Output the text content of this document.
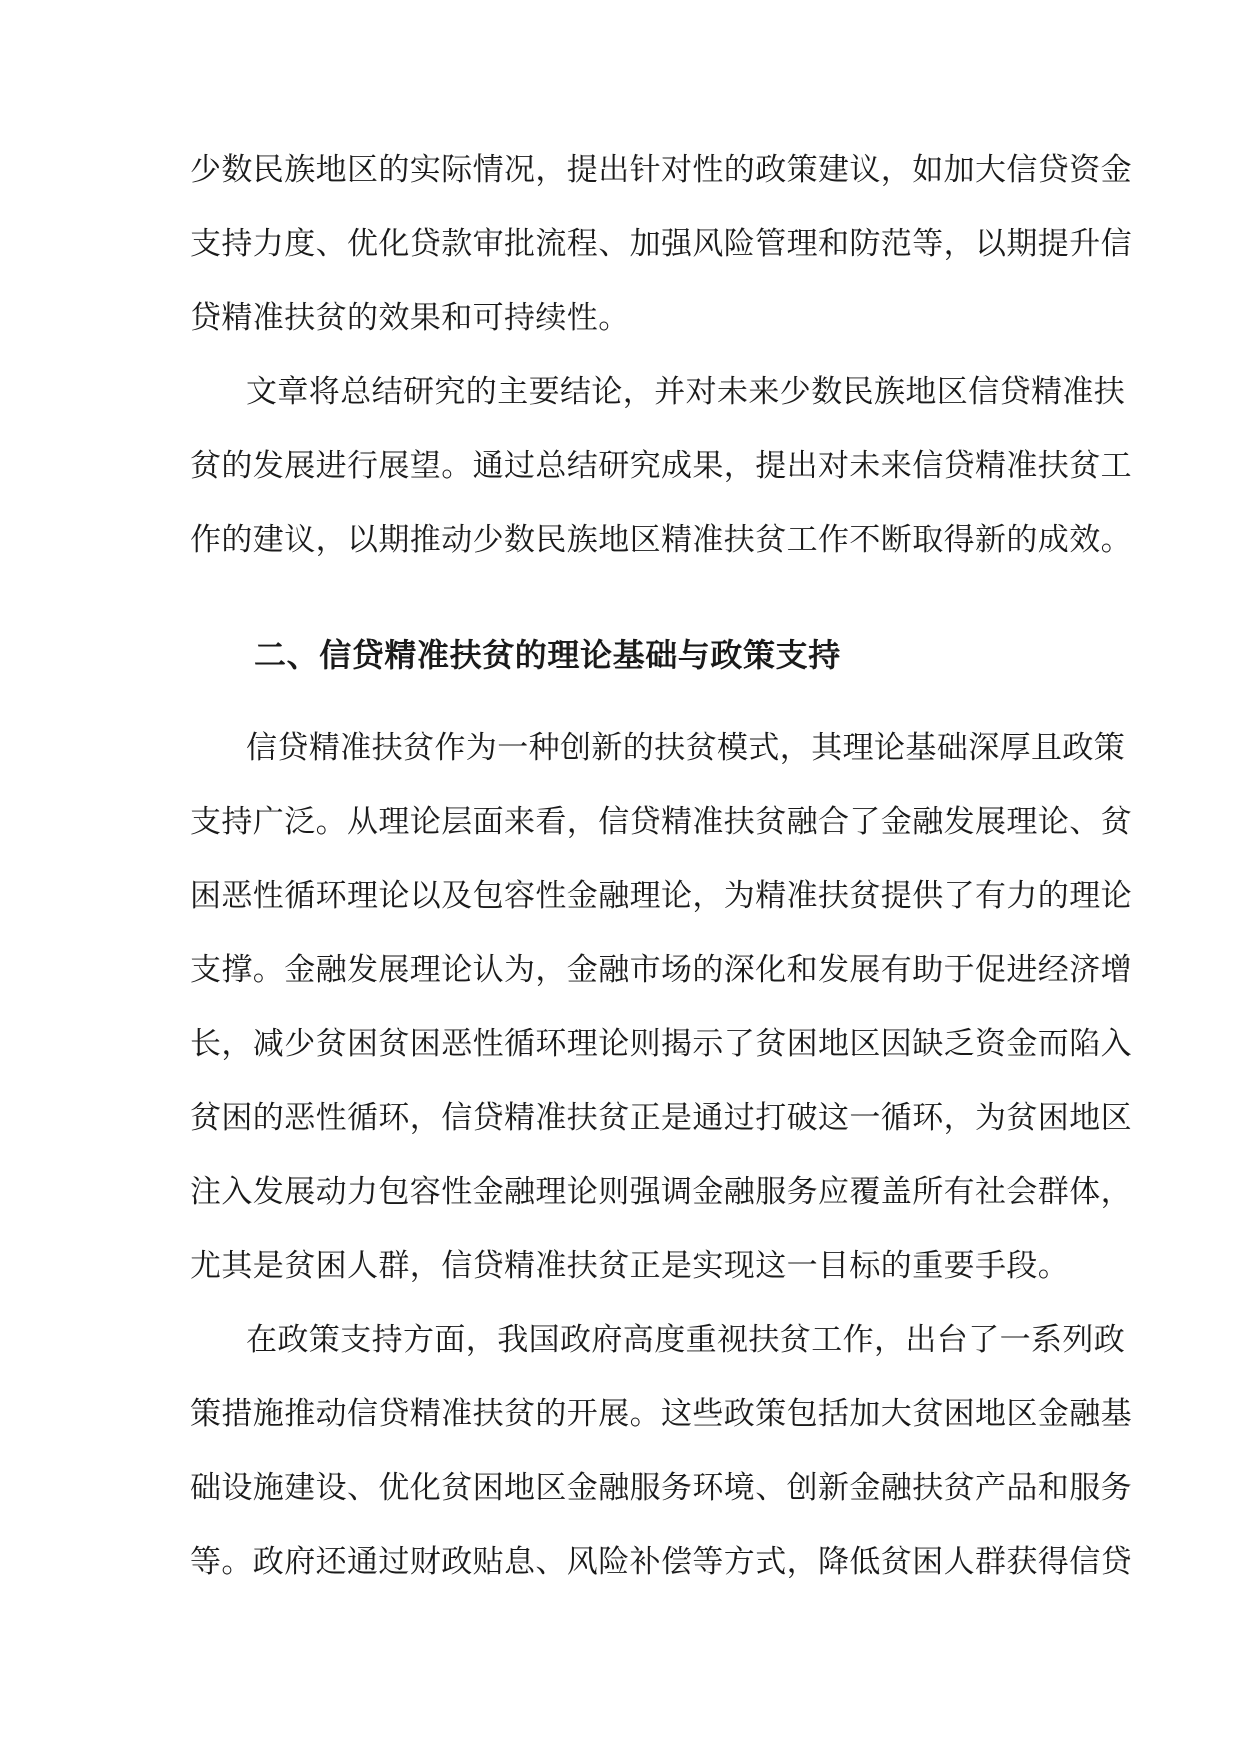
少数民族地区的实际情况，提出针对性的政策建议，如加大信贷资金
支持力度、优化贷款审批流程、加强风险管理和防范等，以期提升信
贷精准扶贫的效果和可持续性。
文章将总结研究的主要结论，并对未来少数民族地区信贷精准扶
贫的发展进行展望。通过总结研究成果，提出对未来信贷精准扶贫工
作的建议，以期推动少数民族地区精准扶贫工作不断取得新的成效。
二、信贷精准扶贫的理论基础与政策支持
信贷精准扶贫作为一种创新的扶贫模式，其理论基础深厚且政策
支持广泛。从理论层面来看，信贷精准扶贫融合了金融发展理论、贫
困恶性循环理论以及包容性金融理论，为精准扶贫提供了有力的理论
支撑。金融发展理论认为，金融市场的深化和发展有助于促进经济增
长，减少贫困贫困恶性循环理论则揭示了贫困地区因缺乏资金而陷入
贫困的恶性循环，信贷精准扶贫正是通过打破这一循环，为贫困地区
注入发展动力包容性金融理论则强调金融服务应覆盖所有社会群体，
尤其是贫困人群，信贷精准扶贫正是实现这一目标的重要手段。
在政策支持方面，我国政府高度重视扶贫工作，出台了一系列政
策措施推动信贷精准扶贫的开展。这些政策包括加大贫困地区金融基
础设施建设、优化贫困地区金融服务环境、创新金融扶贫产品和服务
等。政府还通过财政贴息、风险补偿等方式，降低贫困人群获得信贷
